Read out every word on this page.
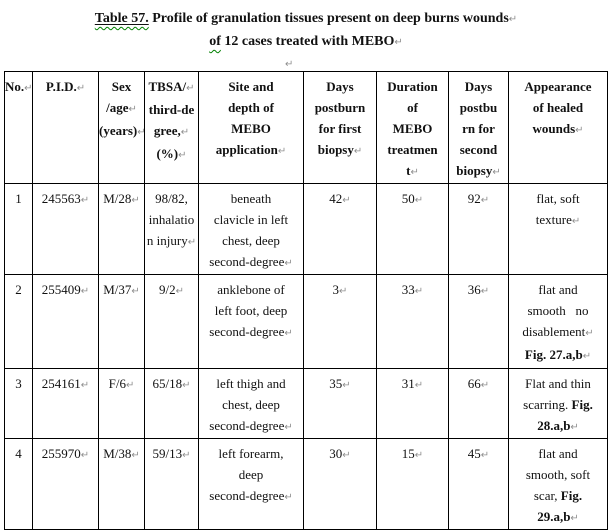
Table 57. Profile of granulation tissues present on deep burns wounds↵
of 12 cases treated with MEBO↵
↵
No.↵	P.I.D.↵	Sex
/age↵
(years)↵	TBSA/↵
third-de
gree,↵
(%)↵	Site and
depth of
MEBO
application↵	Days
postburn
for first
biopsy↵	Duration
of
MEBO
treatmen
t↵	Days
postbu
rn for
second
biopsy↵	Appearance
of healed
wounds↵
1	245563↵	M/28↵	98/82,
inhalatio
n injury↵	beneath
clavicle in left
chest, deep
second-degree↵	42↵	50↵	92↵	flat, soft
texture↵
2	255409↵	M/37↵	9/2↵	anklebone of
left foot, deep
second-degree↵	3↵	33↵	36↵	flat and
smooth   no
disablement↵
Fig. 27.a,b↵
3	254161↵	F/6↵	65/18↵	left thigh and
chest, deep
second-degree↵	35↵	31↵	66↵	Flat and thin
scarring. Fig.
28.a,b↵
4	255970↵	M/38↵	59/13↵	left forearm,
deep
second-degree↵	30↵	15↵	45↵	flat and
smooth, soft
scar, Fig.
29.a,b↵
